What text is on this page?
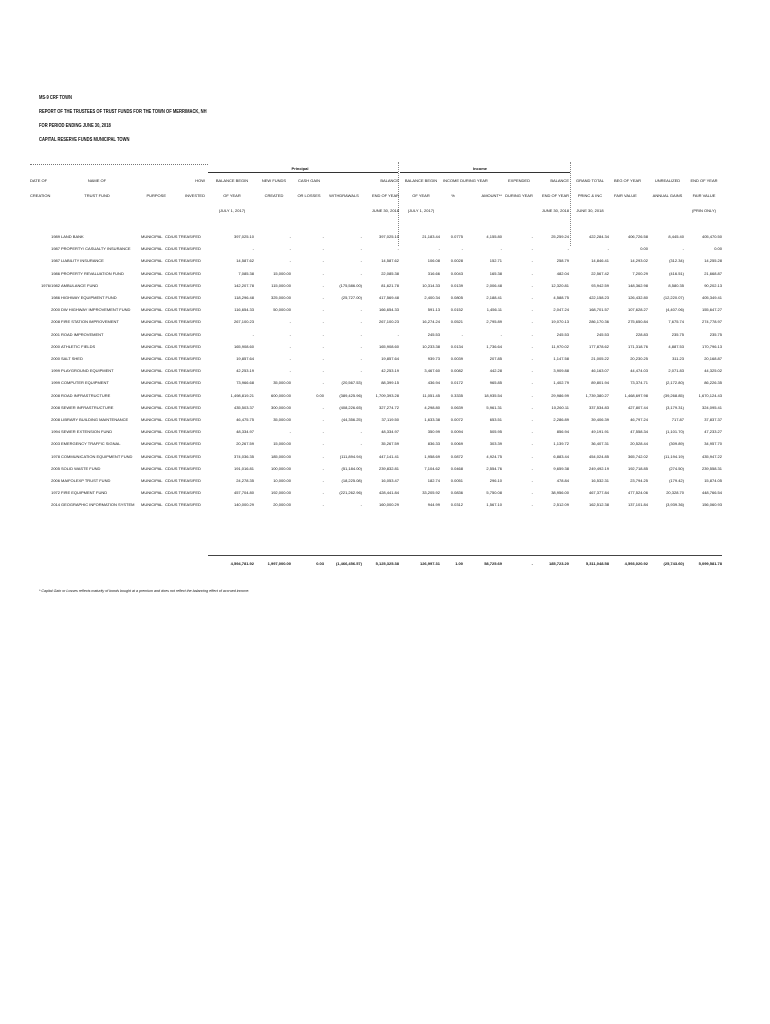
MS-9 CRF TOWN
REPORT OF THE TRUSTEES OF TRUST FUNDS FOR THE TOWN OF MERRIMACK, NH
FOR PERIOD ENDING JUNE 30, 2018
CAPITAL RESERVE FUNDS MUNICIPAL TOWN
Principal	Income
DATE OF
CREATION
NAME OF
TRUST FUND	PURPOSE
HOW
INVESTED
BALANCE BEGIN
OF YEAR
(JULY 1, 2017)
NEW FUNDS
CREATED
CASH GAIN
OR LOSSES	WITHDRAWALS
BALANCE
END OF YEAR
JUNE 30, 2018
BALANCE BEGIN
OF YEAR
(JULY 1, 2017)
INCOME DURING YEAR
%	AMOUNT**
EXPENDED
DURING YEAR
BALANCE
END OF YEAR
JUNE 30, 2018
GRAND TOTAL
PRINC & INC
JUNE 30, 2018
BEG OF YEAR
FAIR VALUE
UNREALIZED
ANNUAL GAINS
END OF YEAR
FAIR VALUE
(PRIN ONLY)
1989 LAND BANK	MUNICIPAL CD/US TREAS/FED	397,025.10	-	-	-	397,025.10	21,183.44	0.0775	4,155.80	-	25,259.24	422,284.34	406,726.58	8,445.40	405,470.50
1987 PROPERTY/ CASUALTY INSURANCE	MUNICIPAL CD/US TREAS/FED	-	-	-	-	-	-	-	-	-	-	-	0.00	-	0.00
1987 LIABILITY INSURANCE	MUNICIPAL CD/US TREAS/FED	14,587.62	-	-	-	14,587.62	106.08	0.0028	152.71	-	258.79	14,846.41	14,293.02	(312.34)	14,255.28
1986 PROPERTY REVALUATION FUND	MUNICIPAL CD/US TREAS/FED	7,085.38	15,000.00	-	-	22,085.38	316.66	0.0043	165.38	-	482.04	22,567.42	7,200.29	(416.51)	21,668.87
1976/1982 AMBULANCE FUND	MUNICIPAL CD/US TREAS/FED	142,207.78	115,000.00	-	(175,586.00)	81,621.78	10,314.33	0.0139	2,006.48	-	12,320.81	93,942.59	148,362.98	8,580.35	90,202.13
1986 HIGHWAY EQUIPMENT FUND	MUNICIPAL CD/US TREAS/FED	118,296.48	325,000.00	-	(25,727.00)	417,569.48	2,400.34	0.0805	2,188.41	-	4,588.75	422,158.23	126,432.80	(12,220.07)	405,349.41
2000 DW HIGHWAY IMPROVEMENT FUND	MUNICIPAL CD/US TREAS/FED	116,654.33	50,000.00	-	-	166,654.33	591.13	0.0152	1,456.11	-	2,047.24	168,701.57	107,628.27	(4,407.06)	155,647.27
2008 FIRE STATION IMPROVEMENT	MUNICIPAL CD/US TREAS/FED	267,100.23	-	-	-	267,100.23	16,274.24	0.0521	2,795.89	-	19,070.13	286,170.36	275,650.84	7,675.74	274,778.97
2001 ROAD IMPROVEMENT	MUNICIPAL CD/US TREAS/FED	-	-	-	-	-	245.53	-	-	-	245.53	245.53	228.83	235.75	235.75
2000 ATHLETIC FIELDS	MUNICIPAL CD/US TREAS/FED	165,908.60	-	-	-	165,908.60	10,233.38	0.0134	1,736.64	-	11,970.02	177,878.62	171,318.76	4,887.53	170,796.13
2000 SALT SHED	MUNICIPAL CD/US TREAS/FED	19,857.64	-	-	-	19,857.64	939.73	0.0039	207.85	-	1,147.58	21,005.22	20,230.25	311.23	20,168.87
1999 PLAYGROUND EQUIPMENT	MUNICIPAL CD/US TREAS/FED	42,253.19	-	-	-	42,253.19	3,467.60	0.0082	442.28	-	3,909.88	46,163.07	44,474.03	2,071.83	44,325.02
1999 COMPUTER EQUIPMENT	MUNICIPAL CD/US TREAS/FED	73,966.68	35,000.00	-	(20,567.53)	88,399.15	436.94	0.0172	965.85	-	1,402.79	89,801.94	73,374.71	(2,172.80)	86,226.35
2008 ROAD INFRASTRUCTURE	MUNICIPAL CD/US TREAS/FED	1,498,819.21	600,000.00	0.00	(389,425.96)	1,709,393.28	11,051.45	0.3335	18,935.54	-	29,986.99	1,739,380.27	1,468,697.98	(39,268.85)	1,670,124.43
2008 SEWER INFRASTRUCTURE	MUNICIPAL CD/US TREAS/FED	435,503.37	300,000.00	-	(408,226.65)	327,274.72	4,298.80	0.0639	5,961.31	-	10,260.11	337,534.83	427,807.44	(3,179.31)	324,095.41
2008 LIBRARY BUILDING MAINTENANCE	MUNICIPAL CD/US TREAS/FED	46,475.75	35,000.00	-	(44,356.25)	37,119.50	1,633.38	0.0072	653.51	-	2,286.89	39,406.39	46,797.24	717.87	37,837.37
1994 SEWER EXTENSION FUND	MUNICIPAL CD/US TREAS/FED	48,334.97	-	-	-	48,334.97	350.99	0.0094	505.95	-	856.94	49,191.91	47,558.34	(1,101.70)	47,233.27
2003 EMERGENCY TRAFFIC SIGNAL	MUNICIPAL CD/US TREAS/FED	20,267.59	15,000.00	-	-	35,267.59	836.33	0.0069	303.39	-	1,139.72	36,407.31	20,528.44	(309.89)	34,957.70
1978 COMMUNICATION EQUIPMENT FUND MUNICIPAL CD/US TREAS/FED	374,036.35	185,000.00	-	(111,894.94)	447,141.41	1,958.69	0.0872	4,924.75	-	6,883.44	454,024.85	365,742.02	(11,194.19)	435,947.22
2005 SOLID WASTE FUND	MUNICIPAL CD/US TREAS/FED	191,016.81	100,000.00	-	(51,184.00)	239,832.81	7,104.62	0.0468	2,554.76	-	9,659.38	249,492.19	192,718.85	(274.50)	239,558.31
2006 MAIFOLEXP TRUST FUND	MUNICIPAL CD/US TREAS/FED	24,278.35	10,000.00	-	(18,225.08)	16,053.47	182.74	0.0051	296.10	-	478.84	16,532.31	23,794.25	(179.42)	15,874.05
1972 FIRE EQUIPMENT FUND	MUNICIPAL CD/US TREAS/FED	457,704.80	192,000.00	-	(221,262.96)	428,441.84	33,205.92	0.0836	5,750.08	-	38,956.00	467,377.84	477,524.06	20,328.70	448,766.54
2014 GEOGRAPHIC INFORMATION SYSTEM MUNICIPAL CD/US TREAS/FED	140,000.29	20,000.00	-	-	160,000.29	944.99	0.0312	1,567.10	-	2,512.09	162,512.38	137,101.84	(3,939.36)	156,060.93
4,594,781.92	1,997,000.00	0.03	(1,466,456.57)	5,125,325.38	126,997.31	1.00	58,725.69	-	185,723.20	5,311,048.58	4,593,020.92	(25,743.60)	5,099,581.78
* Capital Gain or Losses reflects maturity of bonds bought at a premium and does not reflect the balancing effect of accrued income.
